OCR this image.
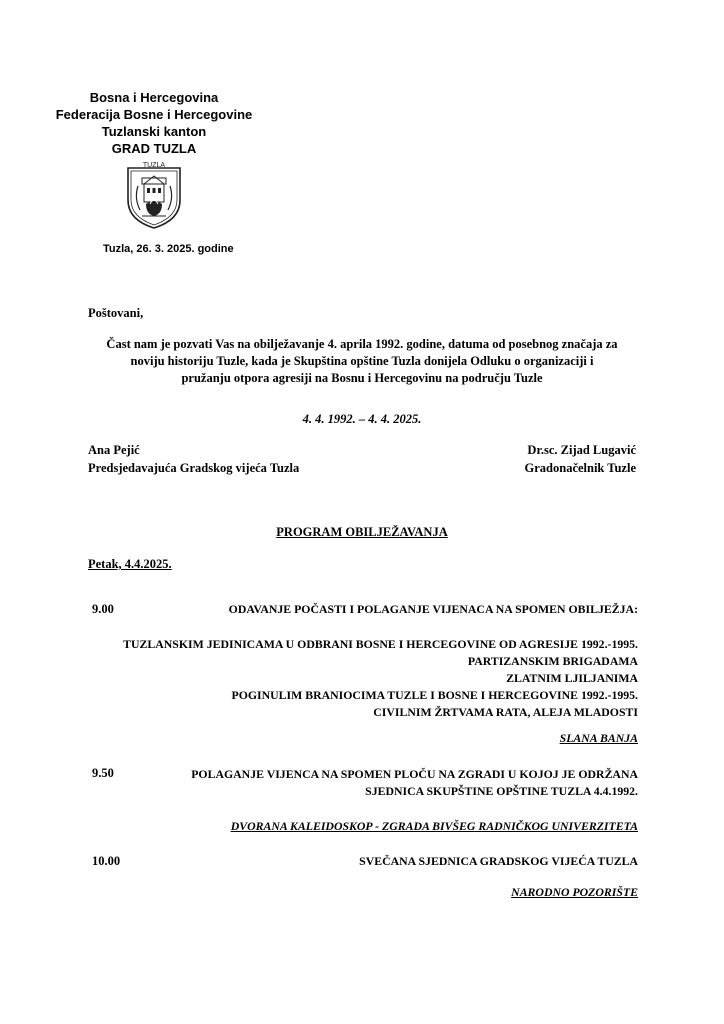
Bosna i Hercegovina
Federacija Bosne i Hercegovine
Tuzlanski kanton
GRAD TUZLA
TUZLA
Tuzla, 26. 3. 2025. godine
Poštovani,
Čast nam je pozvati Vas na obilježavanje 4. aprila 1992. godine, datuma od posebnog značaja za
noviju historiju Tuzle, kada je Skupština opštine Tuzla donijela Odluku o organizaciji i
pružanju otpora agresiji na Bosnu i Hercegovinu na području Tuzle
4. 4. 1992. – 4. 4. 2025.
Ana Pejić
Predsjedavajuća Gradskog vijeća Tuzla
Dr.sc. Zijad Lugavić
Gradonačelnik Tuzle
PROGRAM OBILJEŽAVANJA
Petak, 4.4.2025.
9.00	ODAVANJE POČASTI I POLAGANJE VIJENACA NA SPOMEN OBILJEŽJA:
TUZLANSKIM JEDINICAMA U ODBRANI BOSNE I HERCEGOVINE OD AGRESIJE 1992.-1995.
PARTIZANSKIM BRIGADAMA
ZLATNIM LJILJANIMA
POGINULIM BRANIOCIMA TUZLE I BOSNE I HERCEGOVINE 1992.-1995.
CIVILNIM ŽRTVAMA RATA, ALEJA MLADOSTI
SLANA BANJA
9.50	POLAGANJE VIJENCA NA SPOMEN PLOČU NA ZGRADI U KOJOJ JE ODRŽANA
SJEDNICA SKUPŠTINE OPŠTINE TUZLA 4.4.1992.
DVORANA KALEIDOSKOP - ZGRADA BIVŠEG RADNIČKOG UNIVERZITETA
10.00	SVEČANA SJEDNICA GRADSKOG VIJEĆA TUZLA
NARODNO POZORIŠTE
